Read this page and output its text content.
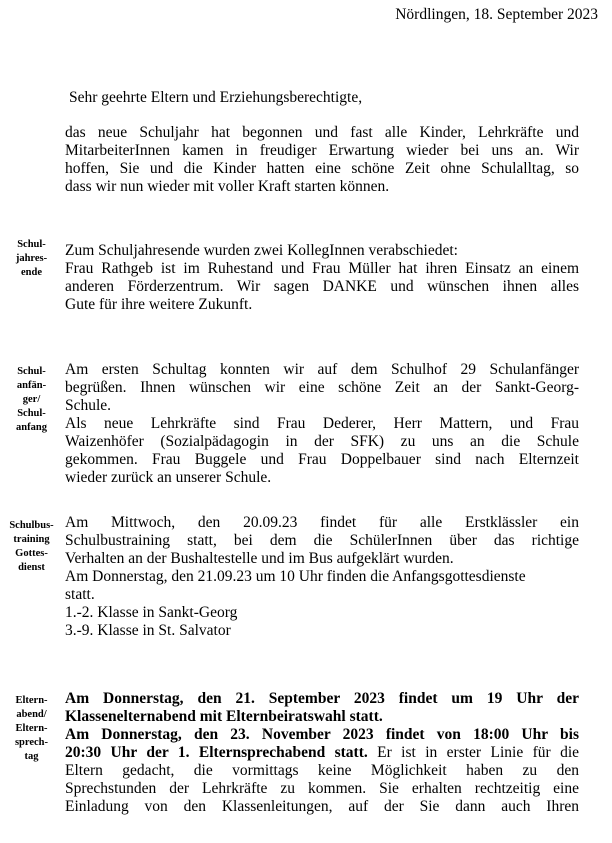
Nördlingen, 18. September 2023
Sehr geehrte Eltern und Erziehungsberechtigte,
das neue Schuljahr hat begonnen und fast alle Kinder, Lehrkräfte und
MitarbeiterInnen kamen in freudiger Erwartung wieder bei uns an. Wir
hoffen, Sie und die Kinder hatten eine schöne Zeit ohne Schulalltag, so
dass wir nun wieder mit voller Kraft starten können.
Schul-
jahres-
ende
Zum Schuljahresende wurden zwei KollegInnen verabschiedet:
Frau Rathgeb ist im Ruhestand und Frau Müller hat ihren Einsatz an einem
anderen Förderzentrum. Wir sagen DANKE und wünschen ihnen alles
Gute für ihre weitere Zukunft.
Schul-
anfän-
ger/
Schul-
anfang
Am ersten Schultag konnten wir auf dem Schulhof 29 Schulanfänger
begrüßen. Ihnen wünschen wir eine schöne Zeit an der Sankt-Georg-
Schule.
Als neue Lehrkräfte sind Frau Dederer, Herr Mattern, und Frau
Waizenhöfer (Sozialpädagogin in der SFK) zu uns an die Schule
gekommen. Frau Buggele und Frau Doppelbauer sind nach Elternzeit
wieder zurück an unserer Schule.
Schulbus-
training
Gottes-
dienst
Am Mittwoch, den 20.09.23 findet für alle Erstklässler ein
Schulbustraining statt, bei dem die SchülerInnen über das richtige
Verhalten an der Bushaltestelle und im Bus aufgeklärt wurden.
Am Donnerstag, den 21.09.23 um 10 Uhr finden die Anfangsgottesdienste
statt.
1.-2. Klasse in Sankt-Georg
3.-9. Klasse in St. Salvator
Eltern-
abend/
Eltern-
sprech-
tag
Am Donnerstag, den 21. September 2023 findet um 19 Uhr der
Klassenelternabend mit Elternbeiratswahl statt.
Am Donnerstag, den 23. November 2023 findet von 18:00 Uhr bis
20:30 Uhr der 1. Elternsprechabend statt. Er ist in erster Linie für die
Eltern gedacht, die vormittags keine Möglichkeit haben zu den
Sprechstunden der Lehrkräfte zu kommen. Sie erhalten rechtzeitig eine
Einladung von den Klassenleitungen, auf der Sie dann auch Ihren
